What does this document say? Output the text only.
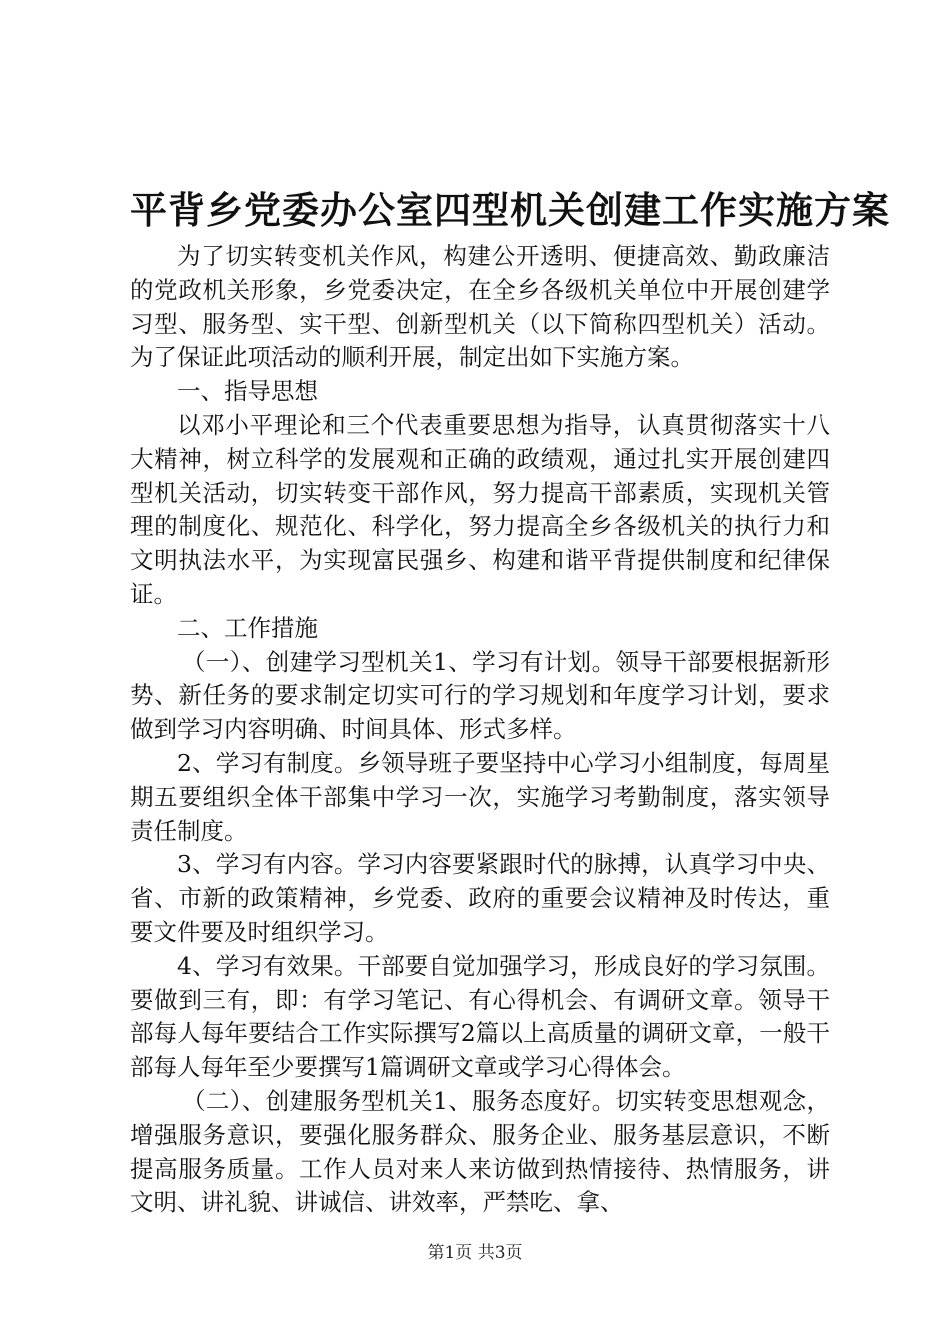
平背乡党委办公室四型机关创建工作实施方案

为了切实转变机关作风，构建公开透明、便捷高效、勤政廉洁的党政机关形象，乡党委决定，在全乡各级机关单位中开展创建学习型、服务型、实干型、创新型机关（以下简称四型机关）活动。为了保证此项活动的顺利开展，制定出如下实施方案。

一、指导思想

以邓小平理论和三个代表重要思想为指导，认真贯彻落实十八大精神，树立科学的发展观和正确的政绩观，通过扎实开展创建四型机关活动，切实转变干部作风，努力提高干部素质，实现机关管理的制度化、规范化、科学化，努力提高全乡各级机关的执行力和文明执法水平，为实现富民强乡、构建和谐平背提供制度和纪律保证。

二、工作措施

（一）、创建学习型机关1、学习有计划。领导干部要根据新形势、新任务的要求制定切实可行的学习规划和年度学习计划，要求做到学习内容明确、时间具体、形式多样。

2、学习有制度。乡领导班子要坚持中心学习小组制度，每周星期五要组织全体干部集中学习一次，实施学习考勤制度，落实领导责任制度。

3、学习有内容。学习内容要紧跟时代的脉搏，认真学习中央、省、市新的政策精神，乡党委、政府的重要会议精神及时传达，重要文件要及时组织学习。

4、学习有效果。干部要自觉加强学习，形成良好的学习氛围。要做到三有，即：有学习笔记、有心得机会、有调研文章。领导干部每人每年要结合工作实际撰写2篇以上高质量的调研文章，一般干部每人每年至少要撰写1篇调研文章或学习心得体会。

（二）、创建服务型机关1、服务态度好。切实转变思想观念，增强服务意识，要强化服务群众、服务企业、服务基层意识，不断提高服务质量。工作人员对来人来访做到热情接待、热情服务，讲文明、讲礼貌、讲诚信、讲效率，严禁吃、拿、

第1页 共3页
